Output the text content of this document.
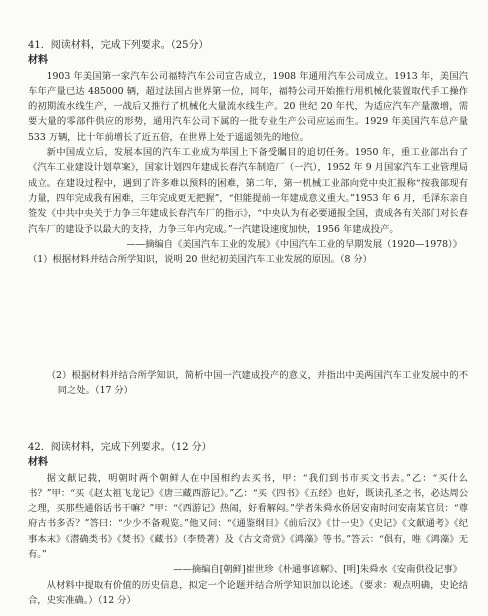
41．阅读材料，完成下列要求。（25分）
材料

1903 年美国第一家汽车公司福特汽车公司宣告成立，1908 年通用汽车公司成立。1913 年，美国汽车年产量已达 485000 辆，超过法国占世界第一位，同年，福特公司开始推行用机械化装置取代手工操作的初期流水线生产，一战后又推行了机械化大量流水线生产。20 世纪 20 年代，为适应汽车产量激增，需要大量的零部件供应的形势，通用汽车公司下属的一批专业生产公司应运而生。1929 年美国汽车总产量 533 万辆，比十年前增长了近五倍，在世界上处于遥遥领先的地位。

新中国成立后，发展本国的汽车工业成为举国上下备受瞩目的追切任务。1950 年，重工业部出台了《汽车工业建设计划草案》，国家计划四年建成长春汽车制造厂（一汽），1952 年 9 月国家汽车工业管理局成立。在建设过程中，遇到了许多难以预料的困难，第二年，第一机械工业部向党中央汇报称“按我部现有力量，四年完成我有困难，三年完成更无把握”，“但能提前一年建成意义重大。”1953 年 6 月，毛泽东亲自签发《中共中央关于力争三年建成长春汽车厂的指示》，“中央认为有必要通报全国，责成各有关部门对长春汽车厂的建设予以最大的支持，力争三年内完成。”一汽建设速度加快，1956 年建成投产。

——摘编自《美国汽车工业的发展》《中国汽车工业的早期发展（1920—1978）》

（1）根据材料并结合所学知识，说明 20 世纪初美国汽车工业发展的原因。（8 分）

（2）根据材料并结合所学知识，简析中国一汽建成投产的意义，并指出中美两国汽车工业发展中的不同之处。（17 分）

42．阅读材料，完成下列要求。（12 分）
材料

据文献记载，明朝时两个朝鲜人在中国相约去买书，甲：“我们到书市买文书去。”乙：“买什么书？”甲：“买《赵太祖飞龙记》《唐三藏西游记》。”乙：“买《四书》《五经》也好，既读孔圣之书，必达周公之理，买那些通俗话书干嘛？”甲：“《西游记》热闹，好看解闷。”学者朱舜水侨居安南时问安南某官员：“尊府古书多否？”答曰：“少少不备观览。”他又问：“《通鉴纲目》《前后汉》《廿一史》《史记》《文献通考》《纪事本末》《潜确类书》《焚书》《藏书》（李贽著）及《古文奇赏》《鸿藻》等书。”答云：“俱有，唯《鸿藻》无有。”

——摘编自[朝鲜]崔世珍《朴通事谚解》、[明]朱舜水《安南供役记事》

从材料中提取有价值的历史信息，拟定一个论题并结合所学知识加以论述。（要求：观点明确，史论结合，史实准确。）（12 分）
